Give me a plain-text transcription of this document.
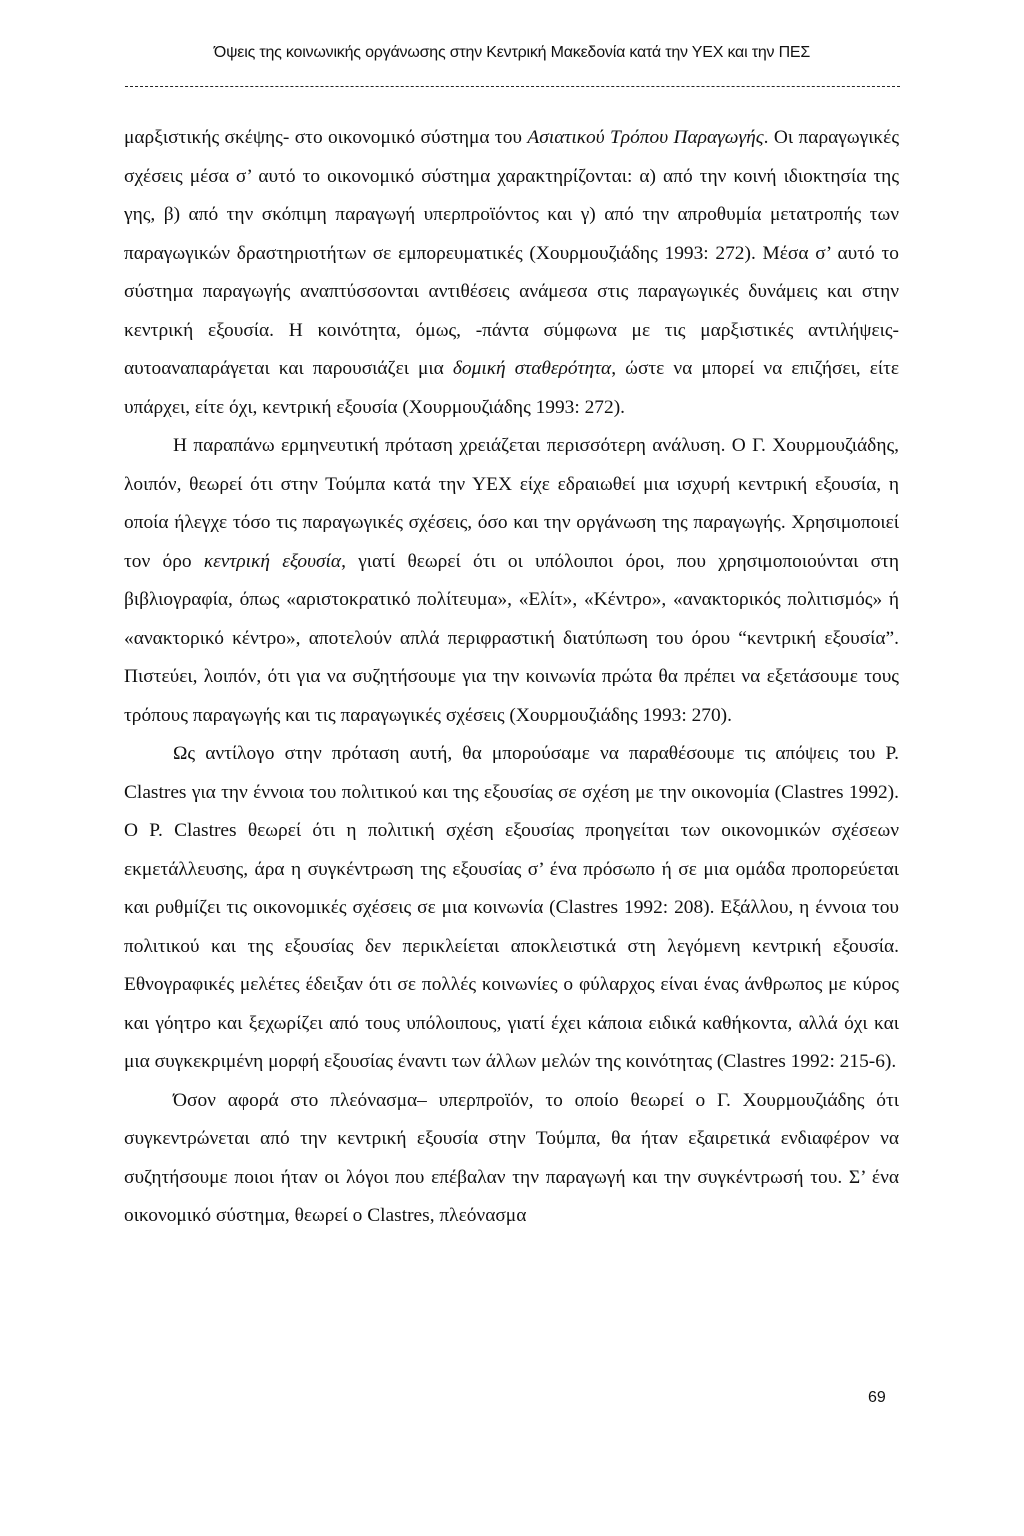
Όψεις της κοινωνικής οργάνωσης στην Κεντρική Μακεδονία κατά την ΥΕΧ και την ΠΕΣ

μαρξιστικής σκέψης- στο οικονομικό σύστημα του Ασιατικού Τρόπου Παραγωγής. Οι παραγωγικές σχέσεις μέσα σ’ αυτό το οικονομικό σύστημα χαρακτηρίζονται: α) από την κοινή ιδιοκτησία της γης, β) από την σκόπιμη παραγωγή υπερπροϊόντος και γ) από την απροθυμία μετατροπής των παραγωγικών δραστηριοτήτων σε εμπορευματικές (Χουρμουζιάδης 1993: 272). Μέσα σ’ αυτό το σύστημα παραγωγής αναπτύσσονται αντιθέσεις ανάμεσα στις παραγωγικές δυνάμεις και στην κεντρική εξουσία. Η κοινότητα, όμως, -πάντα σύμφωνα με τις μαρξιστικές αντιλήψεις-αυτοαναπαράγεται και παρουσιάζει μια δομική σταθερότητα, ώστε να μπορεί να επιζήσει, είτε υπάρχει, είτε όχι, κεντρική εξουσία (Χουρμουζιάδης 1993: 272).

Η παραπάνω ερμηνευτική πρόταση χρειάζεται περισσότερη ανάλυση. Ο Γ. Χουρμουζιάδης, λοιπόν, θεωρεί ότι στην Τούμπα κατά την ΥΕΧ είχε εδραιωθεί μια ισχυρή κεντρική εξουσία, η οποία ήλεγχε τόσο τις παραγωγικές σχέσεις, όσο και την οργάνωση της παραγωγής. Χρησιμοποιεί τον όρο κεντρική εξουσία, γιατί θεωρεί ότι οι υπόλοιποι όροι, που χρησιμοποιούνται στη βιβλιογραφία, όπως «αριστοκρατικό πολίτευμα», «Ελίτ», «Κέντρο», «ανακτορικός πολιτισμός» ή «ανακτορικό κέντρο», αποτελούν απλά περιφραστική διατύπωση του όρου “κεντρική εξουσία”. Πιστεύει, λοιπόν, ότι για να συζητήσουμε για την κοινωνία πρώτα θα πρέπει να εξετάσουμε τους τρόπους παραγωγής και τις παραγωγικές σχέσεις (Χουρμουζιάδης 1993: 270).

Ως αντίλογο στην πρόταση αυτή, θα μπορούσαμε να παραθέσουμε τις απόψεις του P. Clastres για την έννοια του πολιτικού και της εξουσίας σε σχέση με την οικονομία (Clastres 1992). Ο P. Clastres θεωρεί ότι η πολιτική σχέση εξουσίας προηγείται των οικονομικών σχέσεων εκμετάλλευσης, άρα η συγκέντρωση της εξουσίας σ’ ένα πρόσωπο ή σε μια ομάδα προπορεύεται και ρυθμίζει τις οικονομικές σχέσεις σε μια κοινωνία (Clastres 1992: 208). Εξάλλου, η έννοια του πολιτικού και της εξουσίας δεν περικλείεται αποκλειστικά στη λεγόμενη κεντρική εξουσία. Εθνογραφικές μελέτες έδειξαν ότι σε πολλές κοινωνίες ο φύλαρχος είναι ένας άνθρωπος με κύρος και γόητρο και ξεχωρίζει από τους υπόλοιπους, γιατί έχει κάποια ειδικά καθήκοντα, αλλά όχι και μια συγκεκριμένη μορφή εξουσίας έναντι των άλλων μελών της κοινότητας (Clastres 1992: 215-6).

Όσον αφορά στο πλεόνασμα– υπερπροϊόν, το οποίο θεωρεί ο Γ. Χουρμουζιάδης ότι συγκεντρώνεται από την κεντρική εξουσία στην Τούμπα, θα ήταν εξαιρετικά ενδιαφέρον να συζητήσουμε ποιοι ήταν οι λόγοι που επέβαλαν την παραγωγή και την συγκέντρωσή του. Σ’ ένα οικονομικό σύστημα, θεωρεί ο Clastres, πλεόνασμα

69
